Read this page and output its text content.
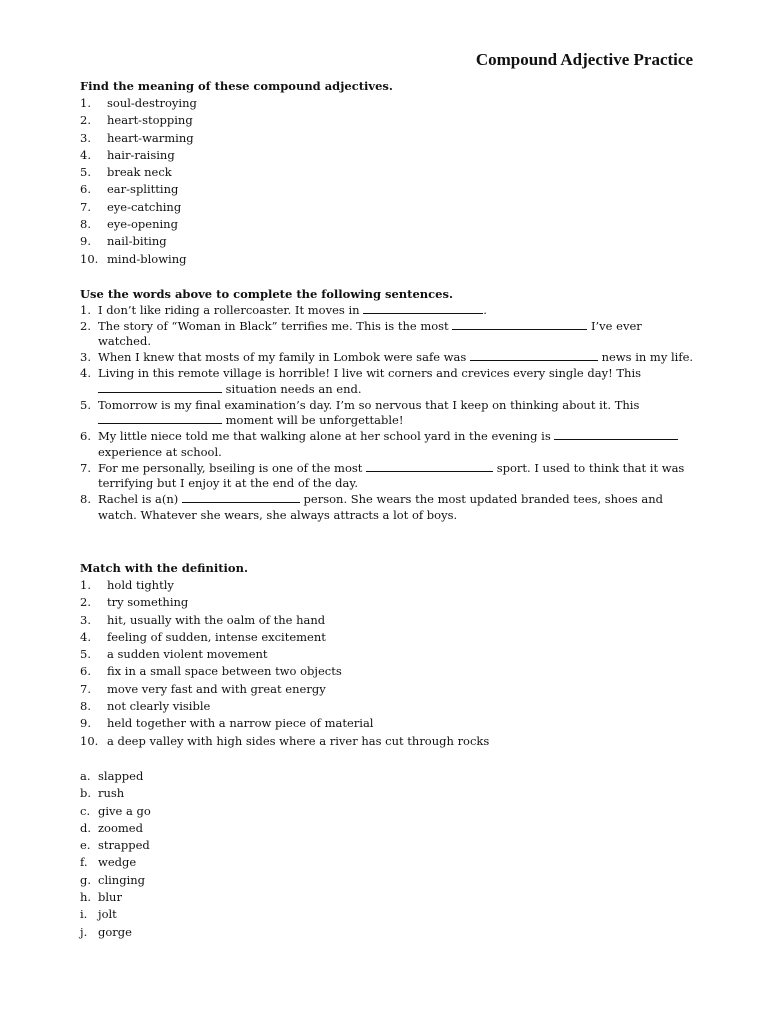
Compound Adjective Practice
Find the meaning of these compound adjectives.
1.	soul-destroying
2.	heart-stopping
3.	heart-warming
4.	hair-raising
5.	break neck
6.	ear-splitting
7.	eye-catching
8.	eye-opening
9.	nail-biting
10. mind-blowing
Use the words above to complete the following sentences.
1. I don’t like riding a rollercoaster. It moves in	.
2. The story of “Woman in Black” terrifies me. This is the most	I’ve ever watched.
3. When I knew that mosts of my family in Lombok were safe was	news in my life.
4. Living in this remote village is horrible! I live wit corners and crevices every single day! This  situation needs an end.
5. Tomorrow is my final examination’s day. I’m so nervous that I keep on thinking about it. This  moment will be unforgettable!
6. My little niece told me that walking alone at her school yard in the evening is  experience at school.
7. For me personally, bseiling is one of the most	sport. I used to think that it was terrifying but I enjoy it at the end of the day.
8. Rachel is a(n)	person. She wears the most updated branded tees, shoes and watch. Whatever she wears, she always attracts a lot of boys.
Match with the definition.
1.	hold tightly
2.	try something
3.	hit, usually with the oalm of the hand
4.	feeling of sudden, intense excitement
5.	a sudden violent movement
6.	fix in a small space between two objects
7.	move very fast and with great energy
8.	not clearly visible
9.	held together with a narrow piece of material
10. a deep valley with high sides where a river has cut through rocks
a. slapped
b. rush
c. give a go
d. zoomed
e. strapped
f. wedge
g. clinging
h. blur
i. jolt
j. gorge
